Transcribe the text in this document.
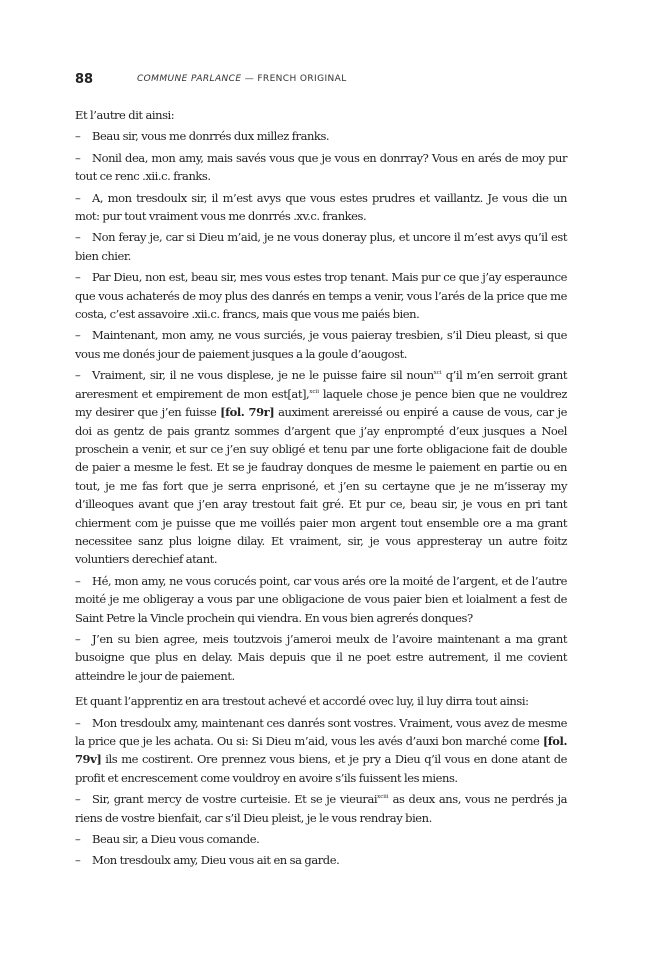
88	COMMUNE PARLANCE — FRENCH ORIGINAL

Et l’autre dit ainsi:

– Beau sir, vous me donrrés dux millez franks.

– Nonil dea, mon amy, mais savés vous que je vous en donrray? Vous en arés de moy pur tout ce renc .xii.c. franks.

– A, mon tresdoulx sir, il m’est avys que vous estes prudres et vaillantz. Je vous die un mot: pur tout vraiment vous me donrrés .xv.c. frankes.

– Non feray je, car si Dieu m’aid, je ne vous doneray plus, et uncore il m’est avys qu’il est bien chier.

– Par Dieu, non est, beau sir, mes vous estes trop tenant. Mais pur ce que j’ay esperaunce que vous achaterés de moy plus des danrés en temps a venir, vous l’arés de la price que me costa, c’est assavoire .xii.c. francs, mais que vous me paiés bien.

– Maintenant, mon amy, ne vous surciés, je vous paieray tresbien, s’il Dieu pleast, si que vous me donés jour de paiement jusques a la goule d’aougost.

– Vraiment, sir, il ne vous displese, je ne le puisse faire sil noun$^{xci}$ q’il m’en serroit grant areresment et empirement de mon est[at],$^{xcii}$ laquele chose je pence bien que ne vouldrez my desirer que j’en fuisse [fol. 79r] auximent arereissé ou enpiré a cause de vous, car je doi as gentz de pais grantz sommes d’argent que j’ay enprompté d’eux jusques a Noel proschein a venir, et sur ce j’en suy obligé et tenu par une forte obligacione fait de double de paier a mesme le fest. Et se je faudray donques de mesme le paiement en partie ou en tout, je me fas fort que je serra enprisoné, et j’en su certayne que je ne m’isseray my d’illeoques avant que j’en aray trestout fait gré. Et pur ce, beau sir, je vous en pri tant chierment com je puisse que me voillés paier mon argent tout ensemble ore a ma grant necessitee sanz plus loigne dilay. Et vraiment, sir, je vous appresteray un autre foitz voluntiers derechief atant.

– Hé, mon amy, ne vous corucés point, car vous arés ore la moité de l’argent, et de l’autre moité je me obligeray a vous par une obligacione de vous paier bien et loialment a fest de Saint Petre la Vincle prochein qui viendra. En vous bien agrerés donques?

– J’en su bien agree, meis toutzvois j’ameroi meulx de l’avoire maintenant a ma grant busoigne que plus en delay. Mais depuis que il ne poet estre autrement, il me covient atteindre le jour de paiement.

Et quant l’apprentiz en ara trestout achevé et accordé ovec luy, il luy dirra tout ainsi:

– Mon tresdoulx amy, maintenant ces danrés sont vostres. Vraiment, vous avez de mesme la price que je les achata. Ou si: Si Dieu m’aid, vous les avés d’auxi bon marché come [fol. 79v] ils me costirent. Ore prennez vous biens, et je pry a Dieu q’il vous en done atant de profit et encrescement come vouldroy en avoire s’ils fuissent les miens.

– Sir, grant mercy de vostre curteisie. Et se je vieurai$^{xciii}$ as deux ans, vous ne perdrés ja riens de vostre bienfait, car s’il Dieu pleist, je le vous rendray bien.

– Beau sir, a Dieu vous comande.

– Mon tresdoulx amy, Dieu vous ait en sa garde.
